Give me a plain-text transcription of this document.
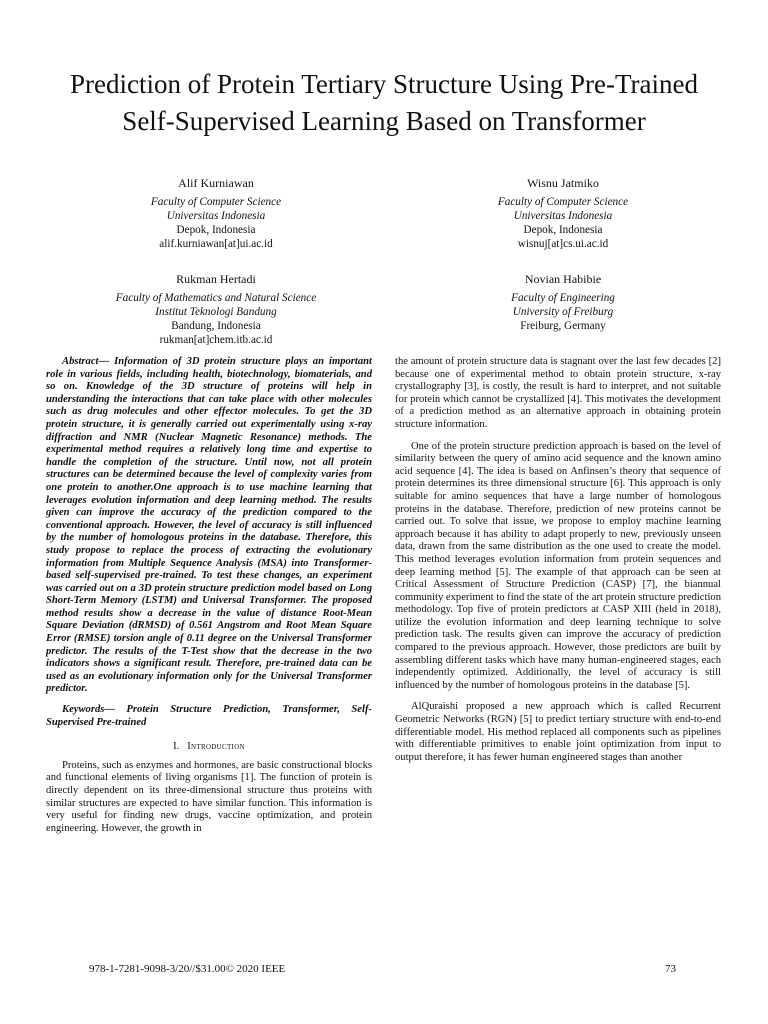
Prediction of Protein Tertiary Structure Using Pre-Trained Self-Supervised Learning Based on Transformer
Alif Kurniawan
Faculty of Computer Science
Universitas Indonesia
Depok, Indonesia
alif.kurniawan[at]ui.ac.id
Wisnu Jatmiko
Faculty of Computer Science
Universitas Indonesia
Depok, Indonesia
wisnuj[at]cs.ui.ac.id
Rukman Hertadi
Faculty of Mathematics and Natural Science
Institut Teknologi Bandung
Bandung, Indonesia
rukman[at]chem.itb.ac.id
Novian Habibie
Faculty of Engineering
University of Freiburg
Freiburg, Germany

Abstract— Information of 3D protein structure plays an important role in various fields, including health, biotechnology, biomaterials, and so on. Knowledge of the 3D structure of proteins will help in understanding the interactions that can take place with other molecules such as drug molecules and other effector molecules. To get the 3D protein structure, it is generally carried out experimentally using x-ray diffraction and NMR (Nuclear Magnetic Resonance) methods. The experimental method requires a relatively long time and expertise to handle the completion of the structure. Until now, not all protein structures can be determined because the level of complexity varies from one protein to another.One approach is to use machine learning that leverages evolution information and deep learning method. The results given can improve the accuracy of the prediction compared to the conventional approach. However, the level of accuracy is still influenced by the number of homologous proteins in the database. Therefore, this study propose to replace the process of extracting the evolutionary information from Multiple Sequence Analysis (MSA) into Transformer-based self-supervised pre-trained. To test these changes, an experiment was carried out on a 3D protein structure prediction model based on Long Short-Term Memory (LSTM) and Universal Transformer. The proposed method results show a decrease in the value of distance Root-Mean Square Deviation (dRMSD) of 0.561 Angstrom and Root Mean Square Error (RMSE) torsion angle of 0.11 degree on the Universal Transformer predictor. The results of the T-Test show that the decrease in the two indicators shows a significant result. Therefore, pre-trained data can be used as an evolutionary information only for the Universal Transformer predictor.

Keywords— Protein Structure Prediction, Transformer, Self-Supervised Pre-trained

I. Introduction

Proteins, such as enzymes and hormones, are basic constructional blocks and functional elements of living organisms [1]. The function of protein is directly dependent on its three-dimensional structure thus proteins with similar structures are expected to have similar function. This information is very useful for finding new drugs, vaccine optimization, and protein engineering. However, the growth in

the amount of protein structure data is stagnant over the last few decades [2] because one of experimental method to obtain protein structure, x-ray crystallography [3], is costly, the result is hard to interpret, and not suitable for protein which cannot be crystallized [4]. This motivates the development of a prediction method as an alternative approach in obtaining protein structure information.

One of the protein structure prediction approach is based on the level of similarity between the query of amino acid sequence and the known amino acid sequence [4]. The idea is based on Anfinsen’s theory that sequence of protein determines its three dimensional structure [6]. This approach is only suitable for amino sequences that have a large number of homologous proteins in the database. Therefore, prediction of new proteins cannot be carried out. To solve that issue, we propose to employ machine learning approach because it has ability to adapt properly to new, previously unseen data, drawn from the same distribution as the one used to create the model. This method leverages evolution information from protein sequences and deep learning method [5]. The example of that approach can be seen at Critical Assessment of Structure Prediction (CASP) [7], the biannual community experiment to find the state of the art protein structure prediction methodology. Top five of protein predictors at CASP XIII (held in 2018), utilize the evolution information and deep learning technique to solve prediction task. The results given can improve the accuracy of prediction compared to the previous approach. However, those predictors are built by assembling different tasks which have many human-engineered stages, each independently optimized. Additionally, the level of accuracy is still influenced by the number of homologous proteins in the database [5].

AlQuraishi proposed a new approach which is called Recurrent Geometric Networks (RGN) [5] to predict tertiary structure with end-to-end differentiable model. His method replaced all components such as pipelines with differentiable primitives to enable joint optimization from input to output therefore, it has fewer human engineered stages than another

978-1-7281-9098-3/20//$31.00© 2020 IEEE	73
